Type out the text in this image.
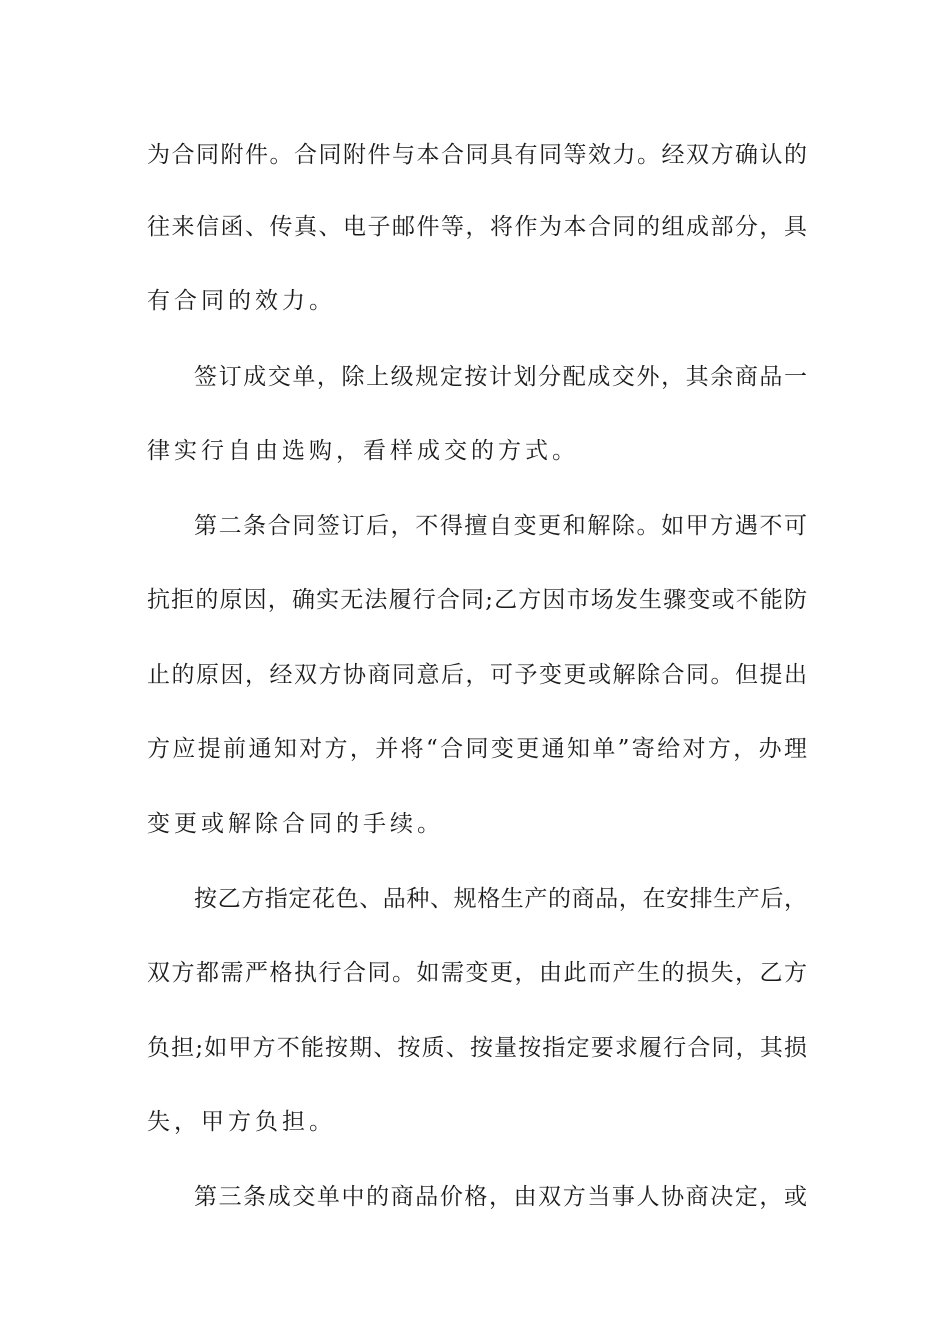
为合同附件。合同附件与本合同具有同等效力。经双方确认的
往来信函、传真、电子邮件等，将作为本合同的组成部分，具
有合同的效力。
签订成交单，除上级规定按计划分配成交外，其余商品一
律实行自由选购，看样成交的方式。
第二条合同签订后，不得擅自变更和解除。如甲方遇不可
抗拒的原因，确实无法履行合同;乙方因市场发生骤变或不能防
止的原因，经双方协商同意后，可予变更或解除合同。但提出
方应提前通知对方，并将“合同变更通知单”寄给对方，办理
变更或解除合同的手续。
按乙方指定花色、品种、规格生产的商品，在安排生产后，
双方都需严格执行合同。如需变更，由此而产生的损失，乙方
负担;如甲方不能按期、按质、按量按指定要求履行合同，其损
失，甲方负担。
第三条成交单中的商品价格，由双方当事人协商决定，或
